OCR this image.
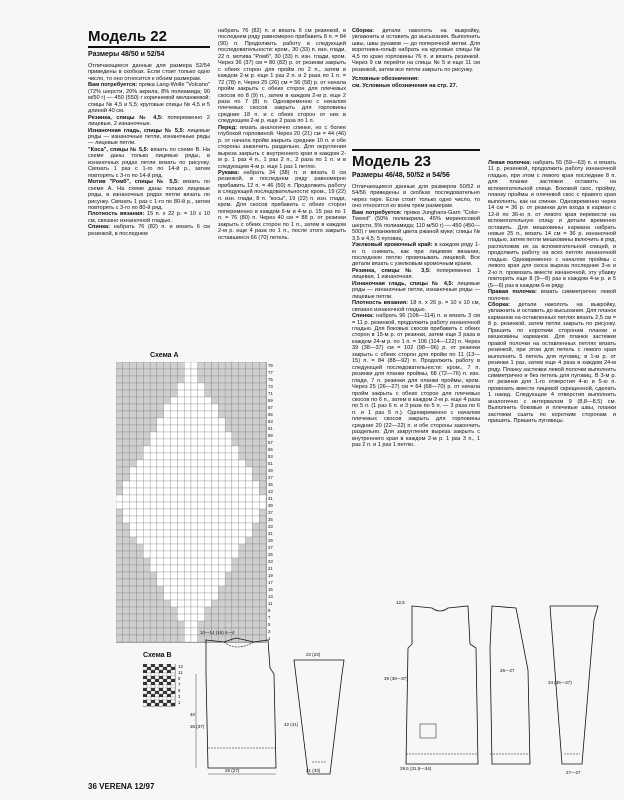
Модель 22
Размеры 48/50 и 52/54

Отличающиеся данные для размера 52/54 приведены в скобках. Если стоит только одно число, то оно относится к обоим размерам.

Вам потребуется: пряжа Lang-Wolle "Volcano"(72% шерсти, 20% акрила, 8% полиамида; 90 м/50 г) — 450 (550) г коричневой меланжевой; спицы № 4,5 и 5,5; круговые спицы № 4,5 и 5 длиной 40 см.

Резинка, спицы № 4,5: попеременно 2 лицевые, 2 изнаночные.

Изнаночная гладь, спицы № 5,5: лицевые ряды — изнаночные петли, изнаночные ряды — лицевые петли.

"Коса", спицы № 5,5: вязать по схеме В. На схеме даны только лицевые ряды, в изнаночных рядах петли вязать по рисунку. Связать 1 раз с 1-го по 14-й р., затем повторять с 3-го по 14-й ряд.

Мотив "Ромб", спицы № 5,5: вязать по схеме А. На схеме даны только лицевые ряды, в изнаночных рядах петли вязать по рисунку. Связать 1 раз с 1-го по 80-й р., затем повторять с 3-го по 80-й ряд.

Плотность вязания: 15 п. x 22 р. = 10 x 10 см, связано изнаночной гладью.

Спинка: набрать 76 (82) п. и вязать 6 см резинкой, в последнем

набрать 76 (82) п. и вязать 6 см резинкой, в последнем ряду равномерно прибавить 8 п. = 84 (90) п. Продолжить работу в следующей последовательности: кром., 30 (33) п. изн. глади, 22 п. мотива "Ромб", 30 (33) п. изн. глади, кром. Через 36 (37) см = 80 (82) р. от резинки закрыть с обеих сторон для пройм по 2 п., затем в каждом 2-м р. еще 1 раз 2 п. и 2 раза по 1 п. = 72 (78) п. Через 25 (26) см = 56 (58) р. от начала пройм закрыть с обеих сторон для плечевых скосов по 8 (9) п., затем в каждом 2-м р. еще 2 раза по 7 (8) п. Одновременно с началом плечевых скосов закрыть для горловины средние 18 п. и с обеих сторон от них в следующем 2-м р. еще 2 раза по 1 п.

Перед: вязать аналогично спинке, но с более глубокой горловиной. Через 20 (21) см = 44 (46) р. от начала пройм закрыть средние 10 п. и обе стороны закончить раздельно. Для округления выреза закрыть с внутреннего края в каждом 2-м р. 1 раз 4 п., 1 раз 2 п., 2 раза по 1 п. и в следующем 4-м р. еще 1 раз 1 петлю.

Рукава: набрать 34 (38) п. и вязать 6 см резинкой, в последнем ряду равномерно прибавить 12 п. = 46 (50) п. Продолжить работу в следующей последовательности: кром., 19 (22) п. изн. глади, 8 п. "косы", 19 (22) п. изн. глади, кром. Для скосов прибавить с обеих сторон попеременно в каждом 6-м и 4-м р. 15 раз по 1 п. = 76 (80) п. Через 40 см = 88 р. от резинки закрыть с обеих сторон по 1 п., затем в каждом 2-м р. еще 4 раза по 1 п., после этого закрыть оставшиеся 66 (70) петель.

Сборка: детали наколоть на выкройку, увлажнить и оставить до высыхания. Выполнить швы, швы рукавов — до поперечной метки. Для воротника-гольф набрать на круговые спицы № 4,5 по краю горловины 76 п. и вязать резинкой. Через 9 см перейти на спицы № 5 и еще 11 см резинкой, затем все петли закрыть по рисунку.

Условные обозначения:
см. Условные обозначения на стр. 27.

Модель 23
Размеры 46/48, 50/52 и 54/56

Отличающиеся данные для размеров 50/52 и 54/56 приведены в скобках последовательно через тире. Если стоит только одно число, то оно относится ко всем трем размерам.

Вам потребуется: пряжа Junghans-Garn "Color-Tweed" (50% полиакрила, 45% мериносовой шерсти, 5% полиамида; 110 м/50 г) — 450 (450—500) г меланжевой цвета ржаной муки; спицы № 3,5 и 4,5; 5 пуговиц.

Узелковый кромочный край: в каждом ряду 1-ю п. снимать, как при лицевом вязании, последнюю петлю провязывать лицевой. Все детали вязать с узелковым кромочным краем.

Резинка, спицы № 3,5: попеременно 1 лицевая, 1 изнаночная.

Изнаночная гладь, спицы № 4,5: лицевые ряды — изнаночные петли, изнаночные ряды — лицевые петли.

Плотность вязания: 18 п. x 26 р. = 10 x 10 см, связано изнаночной гладью.

Спинка: набрать 96 (106—114) п. и вязать 3 см = 11 р. резинкой, продолжить работу изнаночной гладью. Для боковых скосов прибавить с обеих сторон в 15-м р. от резинки, затем еще 3 раза в каждом 24-м р. по 1 п. = 106 (114—122) п. Через 39 (38—37) см = 102 (98—96) р. от резинки закрыть с обеих сторон для пройм по 11 (13—15) п. = 84 (88—92) п. Продолжить работу в следующей последовательности: кром., 7 п. резинки для планки проймы, 68 (72—76) п. изн. глади, 7 п. резинки для планки проймы, кром. Через 25 (26—27) см = 64 (68—70) р. от начала пройм закрыть с обеих сторон для плечевых скосов по 6 п., затем в каждом 2-м р. еще 4 раза по 5 п. (1 раз 6 п. и 3 раза по 5 п. — 3 раза по 6 п. и 1 раз 5 п.). Одновременно с началом плечевых скосов закрыть для горловины средние 20 (22—22) п. и обе стороны закончить раздельно. Для закругления выреза закрыть с внутреннего края в каждом 2-м р. 1 раз 3 п., 1 раз 2 п. и 1 раз 1 петлю.

Левая полочка: набрать 55 (59—63) п. и вязать 11 р. резинкой, продолжить работу изнаночной гладью, при этом с левого края последние 8 п. для планки застежки оставить на вспомогательной спице. Боковой скос, пройму, планку проймы и плечевой скос с правого края выполнять, как на спинке. Одновременно через 14 см = 36 р. от резинки для входа в карман с 12-й по 36-ю п. от левого края перевести на вспомогательную спицу и детали временно оставить. Для мешковины кармана набрать новые 25 п., вязать 14 см = 36 р. изнаночной гладью, затем петли мешковины включить в ряд, расположив их за вспомогательной спицей, и продолжить работу на всех петлях изнаночной гладью. Одновременно с началом проймы с левого края для скоса выреза последние 3-ю и 2-ю п. провязать вместе изнаночной, эту убавку повторить еще 8 (9—8) раз в каждом 4-м р. и 5 (5—6) раз в каждом 6-м ряду.

Правая полочка: вязать симметрично левой полочке.

Сборка: детали наколоть на выкройку, увлажнить и оставить до высыхания. Для планок карманов на оставленных петлях вязать 2,5 см = 8 р. резинкой, затем петли закрыть по рисунку. Пришить по коротким сторонам планки и мешковины карманов. Для планки застежки правой полочки на оставленных петлях вязать резинкой, при этом для петель с левого края выполнить 5 петель для пуговиц: в 1-м р. от резинки 1 раз, затем еще 4 раза в каждом 24-м ряду. Планку застежки левой полочки выполнить симметрично и без петель для пуговиц. В 3-м р. от резинки для 1-го отверстия 4-ю и 5-ю п. провязать вместе лицевой скрещенной, сделать 1 накид. Следующие 4 отверстия выполнить аналогично с интервалом 9 (8,8—8,5) см. Выполнить боковые и плечевые швы, планки застежки сшить по коротким сторонам и пришить. Пришить пуговицы.

Схема А
79
77
75
73
71
69
67
65
63
61
59
57
55
53
51
49
47
45
43
41
39
37
35
33
31
29
27
25
23
21
19
17
15
13
11
9
7
5
3
1
Схема В
13
11
9
7
5
3
1
10—14 (16) 4—4
25 (27)
40
36 (37)
22 (23)
42 (41)
31 (33)	29,5 (31,5—34)
39 (38—37)
12,5
26—27
27—27
34 (36—37)
36 VERENA 12/97
